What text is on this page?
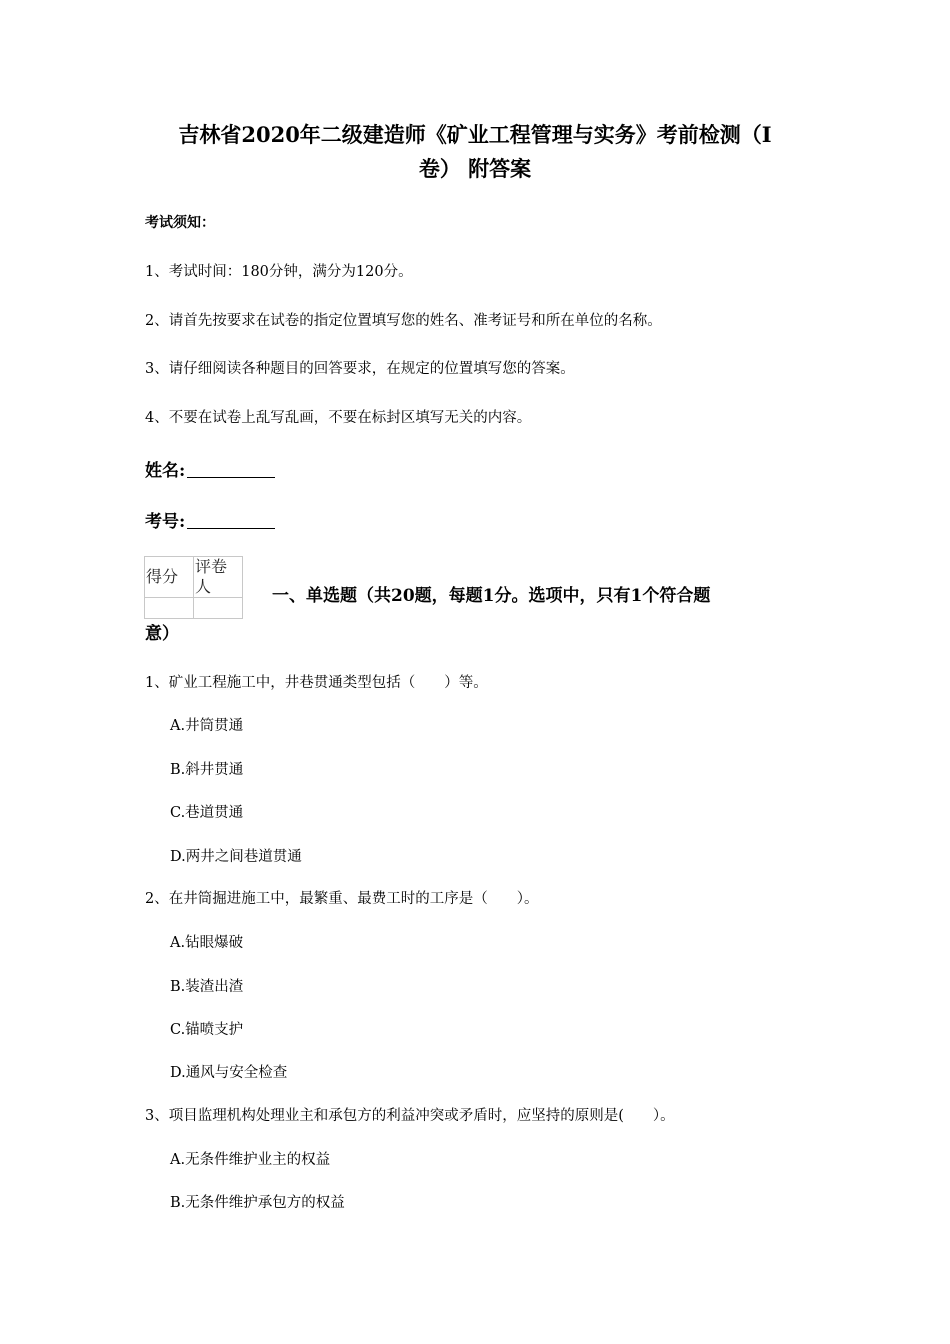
吉林省2020年二级建造师《矿业工程管理与实务》考前检测（I
卷） 附答案
考试须知：
1、考试时间：180分钟，满分为120分。
2、请首先按要求在试卷的指定位置填写您的姓名、准考证号和所在单位的名称。
3、请仔细阅读各种题目的回答要求，在规定的位置填写您的答案。
4、不要在试卷上乱写乱画，不要在标封区填写无关的内容。
姓名:
考号:
得分	评卷人
		一、单选题（共20题，每题1分。选项中，只有1个符合题
意）
1、矿业工程施工中，井巷贯通类型包括（　　）等。
A.井筒贯通
B.斜井贯通
C.巷道贯通
D.两井之间巷道贯通
2、在井筒掘进施工中，最繁重、最费工时的工序是（　　）。
A.钻眼爆破
B.装渣出渣
C.锚喷支护
D.通风与安全检查
3、项目监理机构处理业主和承包方的利益冲突或矛盾时，应坚持的原则是(　　）。
A.无条件维护业主的权益
B.无条件维护承包方的权益
